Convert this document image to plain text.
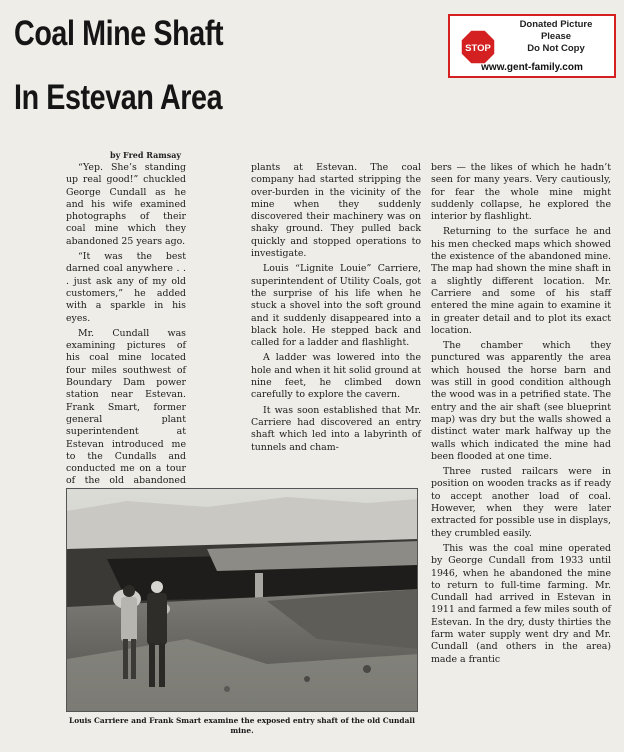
Coal Mine Shaft
In Estevan Area
STOP
Donated Picture
Please
Do Not Copy
www.gent-family.com
by Fred Ramsay

“Yep. She’s standing up real good!” chuckled George Cundall as he and his wife examined photographs of their coal mine which they abandoned 25 years ago.

“It was the best darned coal anywhere . . . just ask any of my old customers,” he added with a sparkle in his eyes.

Mr. Cundall was examining pictures of his coal mine located four miles southwest of Boundary Dam power station near Estevan. Frank Smart, former general plant superintendent at Estevan introduced me to the Cundalls and conducted me on a tour of the old abandoned

plants at Estevan. The coal company had started stripping the over-burden in the vicinity of the mine when they suddenly discovered their machinery was on shaky ground. They pulled back quickly and stopped operations to investigate.

Louis “Lignite Louie” Carriere, superintendent of Utility Coals, got the surprise of his life when he stuck a shovel into the soft ground and it suddenly disappeared into a black hole. He stepped back and called for a ladder and flashlight.

A ladder was lowered into the hole and when it hit solid ground at nine feet, he climbed down carefully to explore the cavern.

It was soon established that Mr. Carriere had discovered an entry shaft which led into a labyrinth of tunnels and cham-

bers — the likes of which he hadn’t seen for many years. Very cautiously, for fear the whole mine might suddenly collapse, he explored the interior by flashlight.

Returning to the surface he and his men checked maps which showed the existence of the abandoned mine. The map had shown the mine shaft in a slightly different location. Mr. Carriere and some of his staff entered the mine again to examine it in greater detail and to plot its exact location.

The chamber which they punctured was apparently the area which housed the horse barn and was still in good condition although the wood was in a petrified state. The entry and the air shaft (see blueprint map) was dry but the walls showed a distinct water mark halfway up the walls which indicated the mine had been flooded at one time.

Three rusted railcars were in position on wooden tracks as if ready to accept another load of coal. However, when they were later extracted for possible use in displays, they crumbled easily.

This was the coal mine operated by George Cundall from 1933 until 1946, when he abandoned the mine to return to full-time farming. Mr. Cundall had arrived in Estevan in 1911 and farmed a few miles south of Estevan. In the dry, dusty thirties the farm water supply went dry and Mr. Cundall (and others in the area) made a frantic

Louis Carriere and Frank Smart examine the exposed entry shaft of the old Cundall mine.
